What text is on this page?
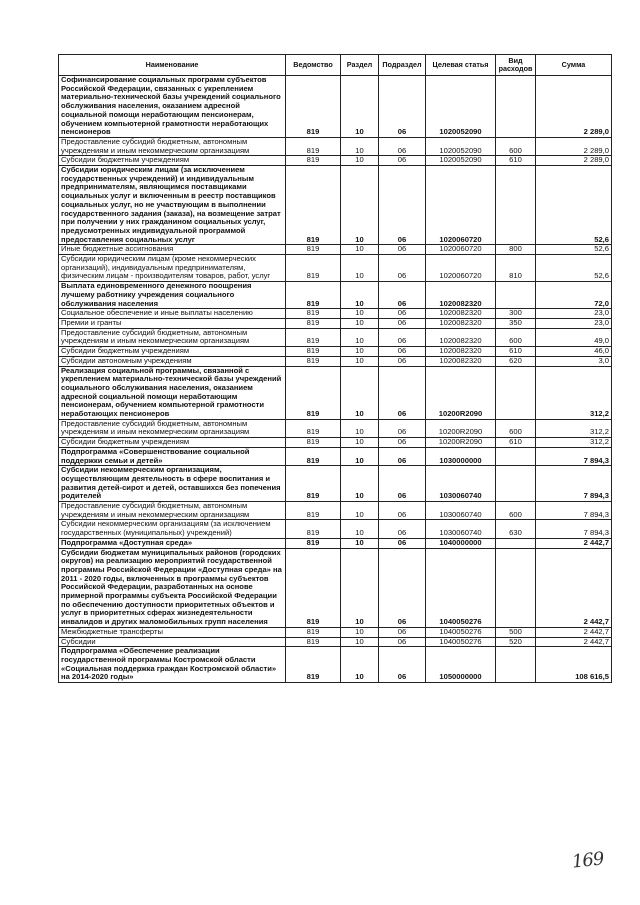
Наименование	Ведомство	Раздел	Подраздел	Целевая статья	Вид расходов	Сумма
Софинансирование социальных программ субъектов Российской Федерации, связанных с укреплением материально-технической базы учреждений социального обслуживания населения, оказанием адресной социальной помощи неработающим пенсионерам, обучением компьютерной грамотности неработающих пенсионеров	819	10	06	1020052090		2 289,0
Предоставление субсидий бюджетным, автономным учреждениям и иным некоммерческим организациям	819	10	06	1020052090	600	2 289,0
Субсидии бюджетным учреждениям	819	10	06	1020052090	610	2 289,0
Субсидии юридическим лицам (за исключением государственных учреждений) и индивидуальным предпринимателям, являющимся поставщиками социальных услуг и включенным в реестр поставщиков социальных услуг, но не участвующим в выполнении государственного задания (заказа), на возмещение затрат при получении у них гражданином социальных услуг, предусмотренных индивидуальной программой предоставления социальных услуг	819	10	06	1020060720		52,6
Иные бюджетные ассигнования	819	10	06	1020060720	800	52,6
Субсидии юридическим лицам (кроме некоммерческих организаций), индивидуальным предпринимателям, физическим лицам - производителям товаров, работ, услуг	819	10	06	1020060720	810	52,6
Выплата единовременного денежного поощрения лучшему работнику учреждения социального обслуживания населения	819	10	06	1020082320		72,0
Социальное обеспечение и иные выплаты населению	819	10	06	1020082320	300	23,0
Премии и гранты	819	10	06	1020082320	350	23,0
Предоставление субсидий бюджетным, автономным учреждениям и иным некоммерческим организациям	819	10	06	1020082320	600	49,0
Субсидии бюджетным учреждениям	819	10	06	1020082320	610	46,0
Субсидии автономным учреждениям	819	10	06	1020082320	620	3,0
Реализация социальной программы, связанной с укреплением материально-технической базы учреждений социального обслуживания населения, оказанием адресной социальной помощи неработающим пенсионерам, обучением компьютерной грамотности неработающих пенсионеров	819	10	06	10200R2090		312,2
Предоставление субсидий бюджетным, автономным учреждениям и иным некоммерческим организациям	819	10	06	10200R2090	600	312,2
Субсидии бюджетным учреждениям	819	10	06	10200R2090	610	312,2
Подпрограмма «Совершенствование социальной поддержки семьи и детей»	819	10	06	1030000000		7 894,3
Субсидии некоммерческим организациям, осуществляющим деятельность в сфере воспитания и развития детей-сирот и детей, оставшихся без попечения родителей	819	10	06	1030060740		7 894,3
Предоставление субсидий бюджетным, автономным учреждениям и иным некоммерческим организациям	819	10	06	1030060740	600	7 894,3
Субсидии некоммерческим организациям (за исключением государственных (муниципальных) учреждений)	819	10	06	1030060740	630	7 894,3
Подпрограмма «Доступная среда»	819	10	06	1040000000		2 442,7
Субсидии бюджетам муниципальных районов (городских округов) на реализацию мероприятий государственной программы Российской Федерации «Доступная среда» на 2011 - 2020 годы, включенных в программы субъектов Российской Федерации, разработанных на основе примерной программы субъекта Российской Федерации по обеспечению доступности приоритетных объектов и услуг в приоритетных сферах жизнедеятельности инвалидов и других маломобильных групп населения	819	10	06	1040050276		2 442,7
Межбюджетные трансферты	819	10	06	1040050276	500	2 442,7
Субсидии	819	10	06	1040050276	520	2 442,7
Подпрограмма «Обеспечение реализации государственной программы Костромской области «Социальная поддержка граждан Костромской области» на 2014-2020 годы»	819	10	06	1050000000		108 616,5
169
